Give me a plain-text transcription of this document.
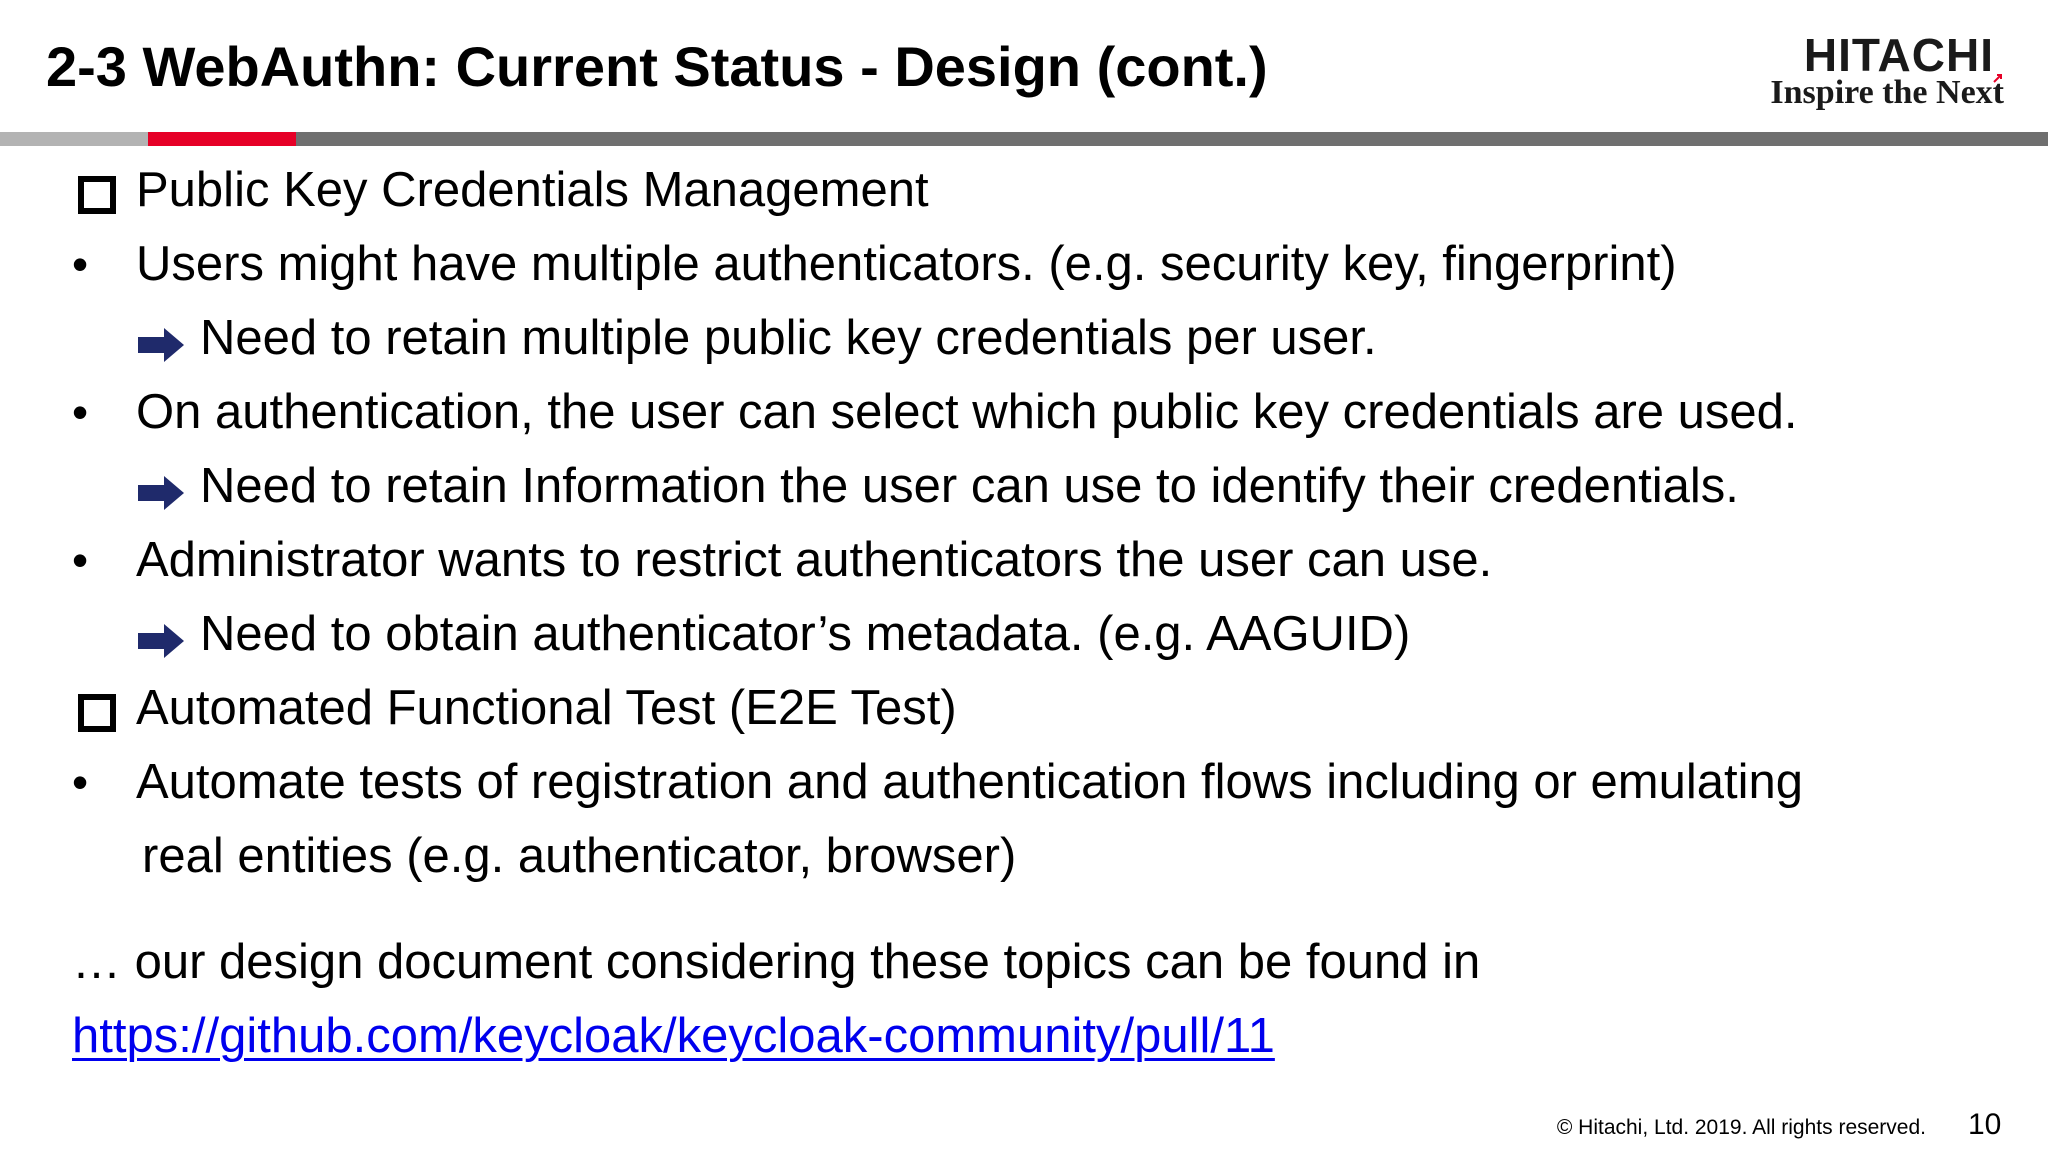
2-3 WebAuthn: Current Status - Design (cont.)	HITACHI
Inspire the Next
Public Key Credentials Management
• Users might have multiple authenticators. (e.g. security key, fingerprint)
Need to retain multiple public key credentials per user.
• On authentication, the user can select which public key credentials are used.
Need to retain Information the user can use to identify their credentials.
• Administrator wants to restrict authenticators the user can use.
Need to obtain authenticator’s metadata. (e.g. AAGUID)
Automated Functional Test (E2E Test)
• Automate tests of registration and authentication flows including or emulating
real entities (e.g. authenticator, browser)
… our design document considering these topics can be found in
https://github.com/keycloak/keycloak-community/pull/11
© Hitachi, Ltd. 2019. All rights reserved. 10
